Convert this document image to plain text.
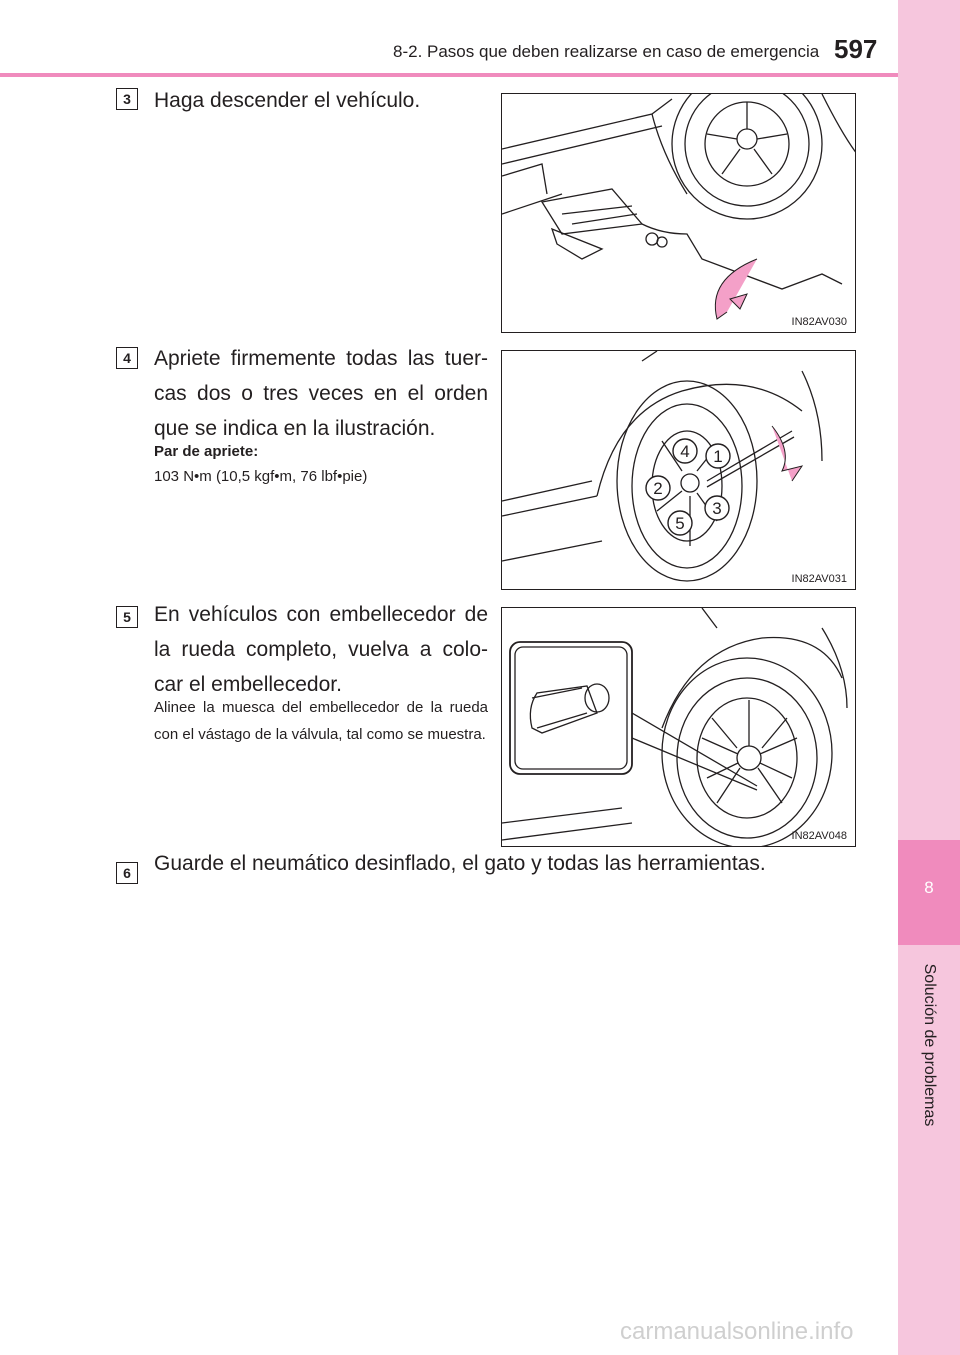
8
Solución de problemas
8-2. Pasos que deben realizarse en caso de emergencia 597
3	Haga descender el vehículo.
IN82AV030
4	Apriete firmemente todas las tuer-cas dos o tres veces en el orden que se indica en la ilustración.
Par de apriete:
103 N•m (10,5 kgf•m, 76 lbf•pie)
1
2
3
4
5
IN82AV031
5	En vehículos con embellecedor de la rueda completo, vuelva a colo-car el embellecedor.
Alinee la muesca del embellecedor de la rueda con el vástago de la válvula, tal como se muestra.
IN82AV048
6	Guarde el neumático desinflado, el gato y todas las herramientas.
carmanualsonline.info
